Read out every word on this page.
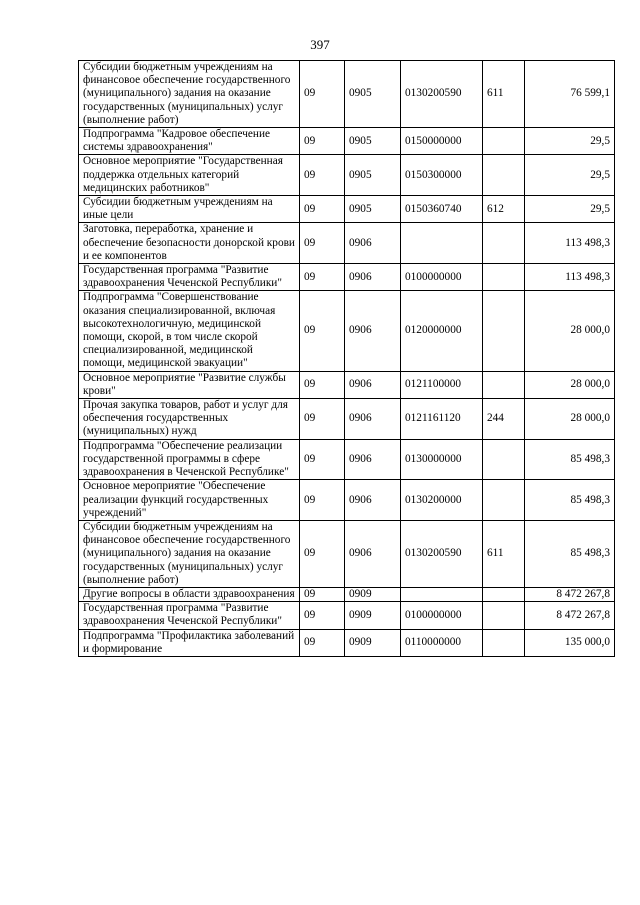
397
Субсидии бюджетным учреждениям на финансовое обеспечение государственного (муниципального) задания на оказание государственных (муниципальных) услуг (выполнение работ)	09	0905	0130200590	611	76 599,1
Подпрограмма "Кадровое обеспечение системы здравоохранения"	09	0905	0150000000		29,5
Основное мероприятие "Государственная поддержка отдельных категорий медицинских работников"	09	0905	0150300000		29,5
Субсидии бюджетным учреждениям на иные цели	09	0905	0150360740	612	29,5
Заготовка, переработка, хранение и обеспечение безопасности донорской крови и ее компонентов	09	0906			113 498,3
Государственная программа "Развитие здравоохранения Чеченской Республики"	09	0906	0100000000		113 498,3
Подпрограмма "Совершенствование оказания специализированной, включая высокотехнологичную, медицинской помощи, скорой, в том числе скорой специализированной, медицинской помощи, медицинской эвакуации"	09	0906	0120000000		28 000,0
Основное мероприятие "Развитие службы крови"	09	0906	0121100000		28 000,0
Прочая закупка товаров, работ и услуг для обеспечения государственных (муниципальных) нужд	09	0906	0121161120	244	28 000,0
Подпрограмма "Обеспечение реализации государственной программы в сфере здравоохранения в Чеченской Республике"	09	0906	0130000000		85 498,3
Основное мероприятие "Обеспечение реализации функций государственных учреждений"	09	0906	0130200000		85 498,3
Субсидии бюджетным учреждениям на финансовое обеспечение государственного (муниципального) задания на оказание государственных (муниципальных) услуг (выполнение работ)	09	0906	0130200590	611	85 498,3
Другие вопросы в области здравоохранения	09	0909			8 472 267,8
Государственная программа "Развитие здравоохранения Чеченской Республики"	09	0909	0100000000		8 472 267,8
Подпрограмма "Профилактика заболеваний и формирование	09	0909	0110000000		135 000,0
